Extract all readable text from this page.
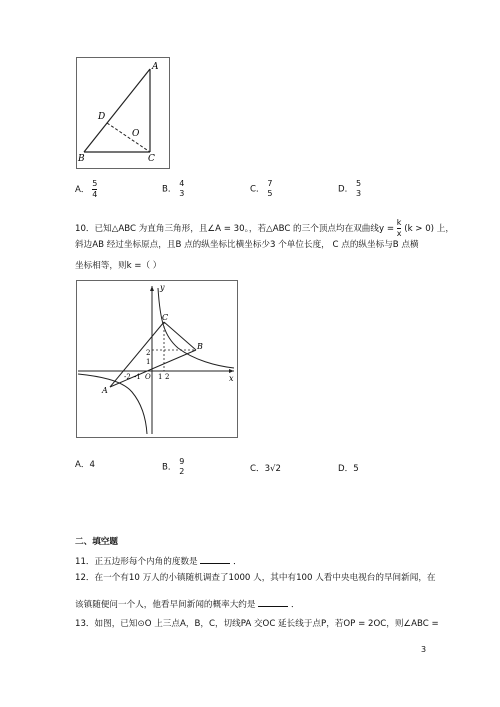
A
B	C
D
O
A． $\frac{5}{4}$	B．
4
3	C．
7
5	D．
5
3
10．已知△ABC 为直角三角形，且∠A = 30。，若△ABC 的三个顶点均在双曲线$y = \frac{k}{x} (k > 0)$ 上，
斜边AB 经过坐标原点，且B 点的纵坐标比横坐标少3 个单位长度， C 点的纵坐标与B 点横
坐标相等，则k =（ ）
y
x
C
B
A
O
2
1
-1 1 2
-2
A．4	B．
9
2	C．3√2	D．5
二、填空题
11．正五边形每个内角的度数是	．
12．在一个有10 万人的小镇随机调查了1000 人，其中有100 人看中央电视台的早间新闻，在
该镇随便问一个人，他看早间新闻的概率大约是	．
13．如图，已知⊙O 上三点A，B，C，切线PA 交OC 延长线于点P，若OP = 2OC，则∠ABC =
3
